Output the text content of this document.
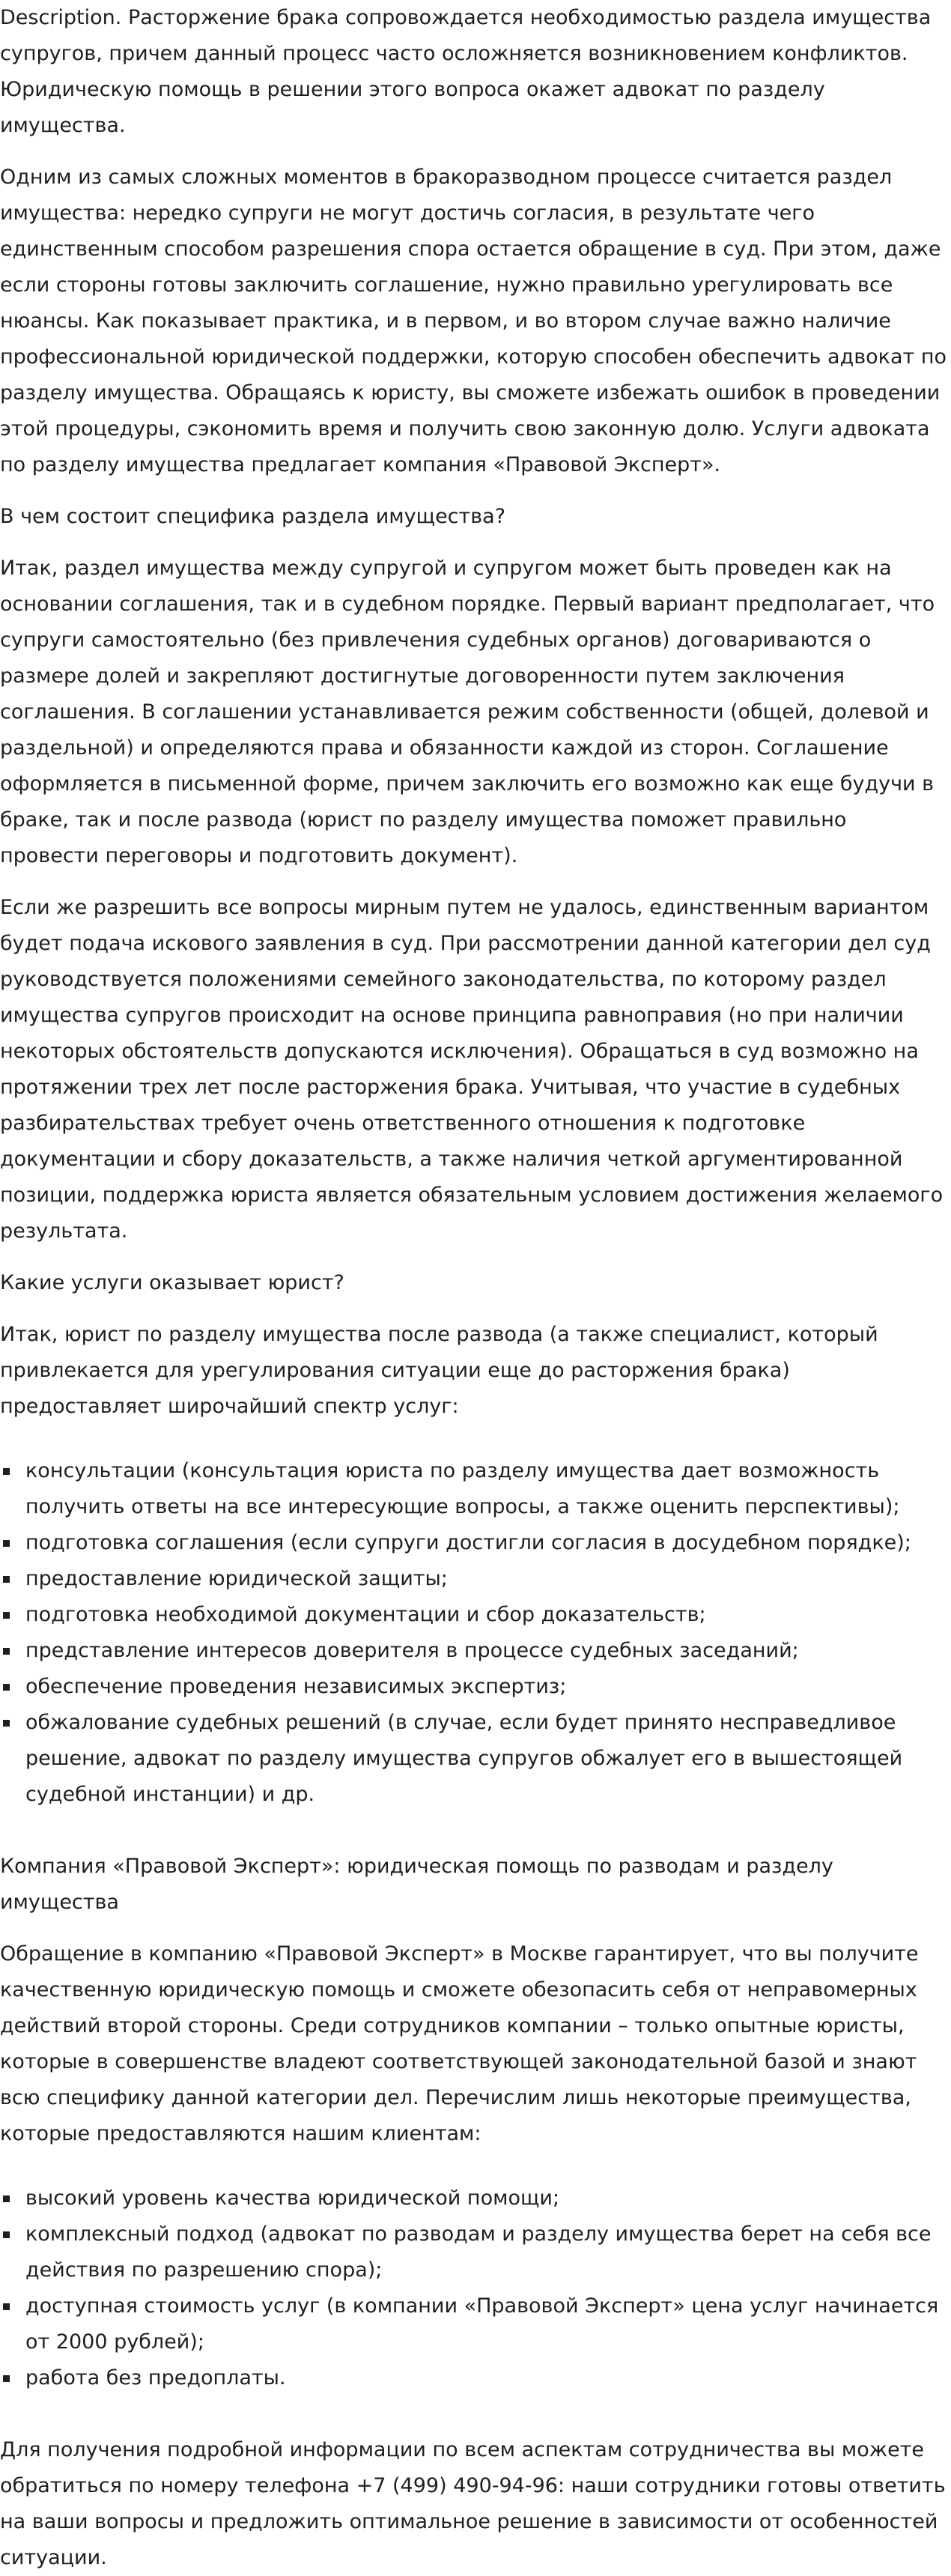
Description. Расторжение брака сопровождается необходимостью раздела имущества супругов, причем данный процесс часто осложняется возникновением конфликтов. Юридическую помощь в решении этого вопроса окажет адвокат по разделу имущества.

Одним из самых сложных моментов в бракоразводном процессе считается раздел имущества: нередко супруги не могут достичь согласия, в результате чего единственным способом разрешения спора остается обращение в суд. При этом, даже если стороны готовы заключить соглашение, нужно правильно урегулировать все нюансы. Как показывает практика, и в первом, и во втором случае важно наличие профессиональной юридической поддержки, которую способен обеспечить адвокат по разделу имущества. Обращаясь к юристу, вы сможете избежать ошибок в проведении этой процедуры, сэкономить время и получить свою законную долю. Услуги адвоката по разделу имущества предлагает компания «Правовой Эксперт».

В чем состоит специфика раздела имущества?

Итак, раздел имущества между супругой и супругом может быть проведен как на основании соглашения, так и в судебном порядке. Первый вариант предполагает, что супруги самостоятельно (без привлечения судебных органов) договариваются о размере долей и закрепляют достигнутые договоренности путем заключения соглашения. В соглашении устанавливается режим собственности (общей, долевой и раздельной) и определяются права и обязанности каждой из сторон. Соглашение оформляется в письменной форме, причем заключить его возможно как еще будучи в браке, так и после развода (юрист по разделу имущества поможет правильно провести переговоры и подготовить документ).

Если же разрешить все вопросы мирным путем не удалось, единственным вариантом будет подача искового заявления в суд. При рассмотрении данной категории дел суд руководствуется положениями семейного законодательства, по которому раздел имущества супругов происходит на основе принципа равноправия (но при наличии некоторых обстоятельств допускаются исключения). Обращаться в суд возможно на протяжении трех лет после расторжения брака. Учитывая, что участие в судебных разбирательствах требует очень ответственного отношения к подготовке документации и сбору доказательств, а также наличия четкой аргументированной позиции, поддержка юриста является обязательным условием достижения желаемого результата.

Какие услуги оказывает юрист?

Итак, юрист по разделу имущества после развода (а также специалист, который привлекается для урегулирования ситуации еще до расторжения брака) предоставляет широчайший спектр услуг:

консультации (консультация юриста по разделу имущества дает возможность получить ответы на все интересующие вопросы, а также оценить перспективы);
подготовка соглашения (если супруги достигли согласия в досудебном порядке);
предоставление юридической защиты;
подготовка необходимой документации и сбор доказательств;
представление интересов доверителя в процессе судебных заседаний;
обеспечение проведения независимых экспертиз;
обжалование судебных решений (в случае, если будет принято несправедливое решение, адвокат по разделу имущества супругов обжалует его в вышестоящей судебной инстанции) и др.

Компания «Правовой Эксперт»: юридическая помощь по разводам и разделу имущества

Обращение в компанию «Правовой Эксперт» в Москве гарантирует, что вы получите качественную юридическую помощь и сможете обезопасить себя от неправомерных действий второй стороны. Среди сотрудников компании – только опытные юристы, которые в совершенстве владеют соответствующей законодательной базой и знают всю специфику данной категории дел. Перечислим лишь некоторые преимущества, которые предоставляются нашим клиентам:

высокий уровень качества юридической помощи;
комплексный подход (адвокат по разводам и разделу имущества берет на себя все действия по разрешению спора);
доступная стоимость услуг (в компании «Правовой Эксперт» цена услуг начинается от 2000 рублей);
работа без предоплаты.

Для получения подробной информации по всем аспектам сотрудничества вы можете обратиться по номеру телефона +7 (499) 490-94-96: наши сотрудники готовы ответить на ваши вопросы и предложить оптимальное решение в зависимости от особенностей ситуации.
